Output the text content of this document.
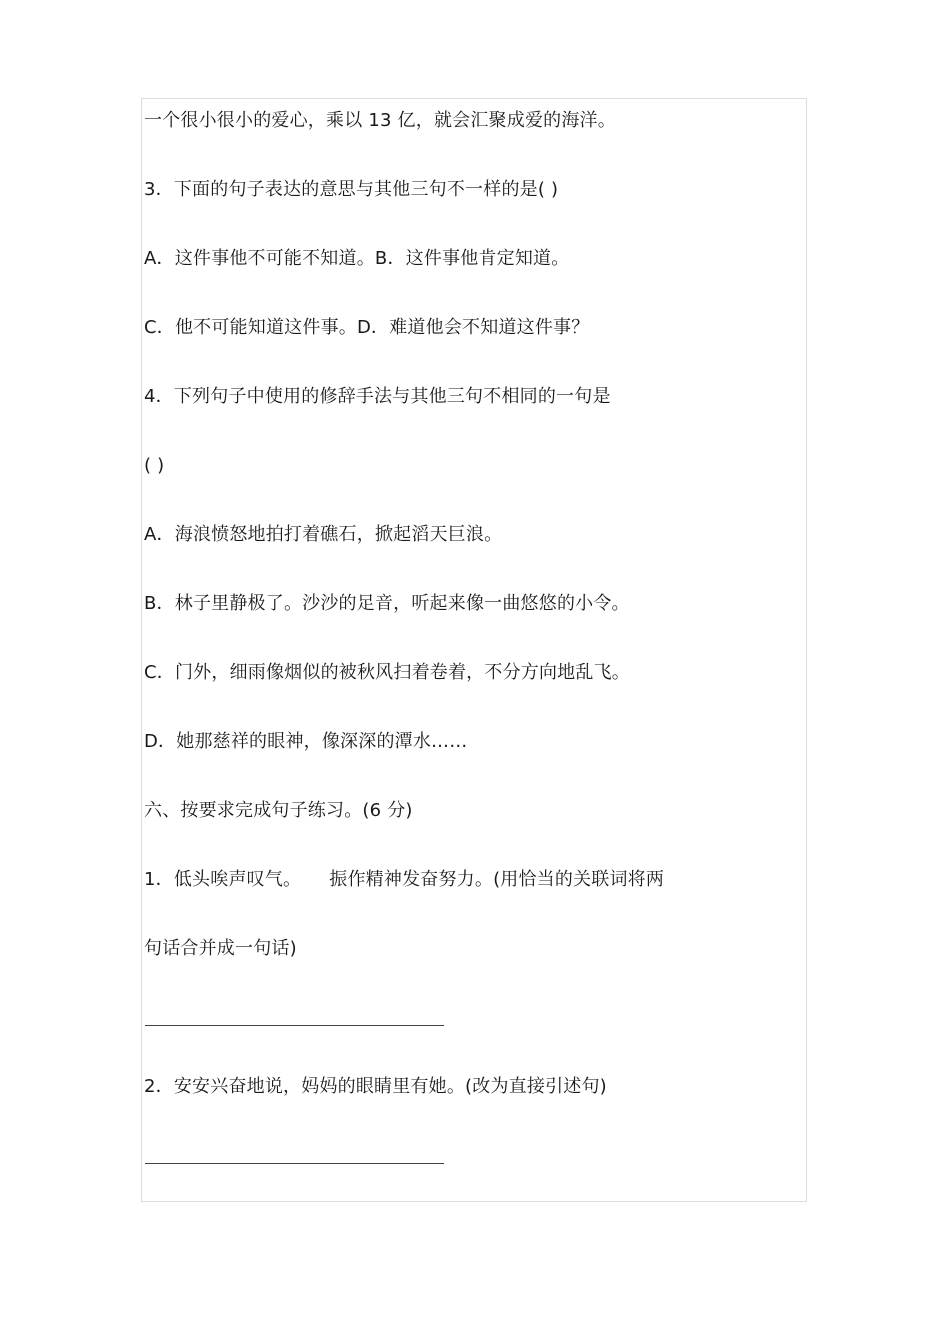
一个很小很小的爱心，乘以 13 亿，就会汇聚成爱的海洋。
3．下面的句子表达的意思与其他三句不一样的是( )
A．这件事他不可能不知道。B．这件事他肯定知道。
C．他不可能知道这件事。D．难道他会不知道这件事？
4．下列句子中使用的修辞手法与其他三句不相同的一句是
( )
A．海浪愤怒地拍打着礁石，掀起滔天巨浪。
B．林子里静极了。沙沙的足音，听起来像一曲悠悠的小令。
C．门外，细雨像烟似的被秋风扫着卷着，不分方向地乱飞。
D．她那慈祥的眼神，像深深的潭水……
六、按要求完成句子练习。(6 分)
1．低头唉声叹气。 振作精神发奋努力。(用恰当的关联词将两
句话合并成一句话)
2．安安兴奋地说，妈妈的眼睛里有她。(改为直接引述句)
